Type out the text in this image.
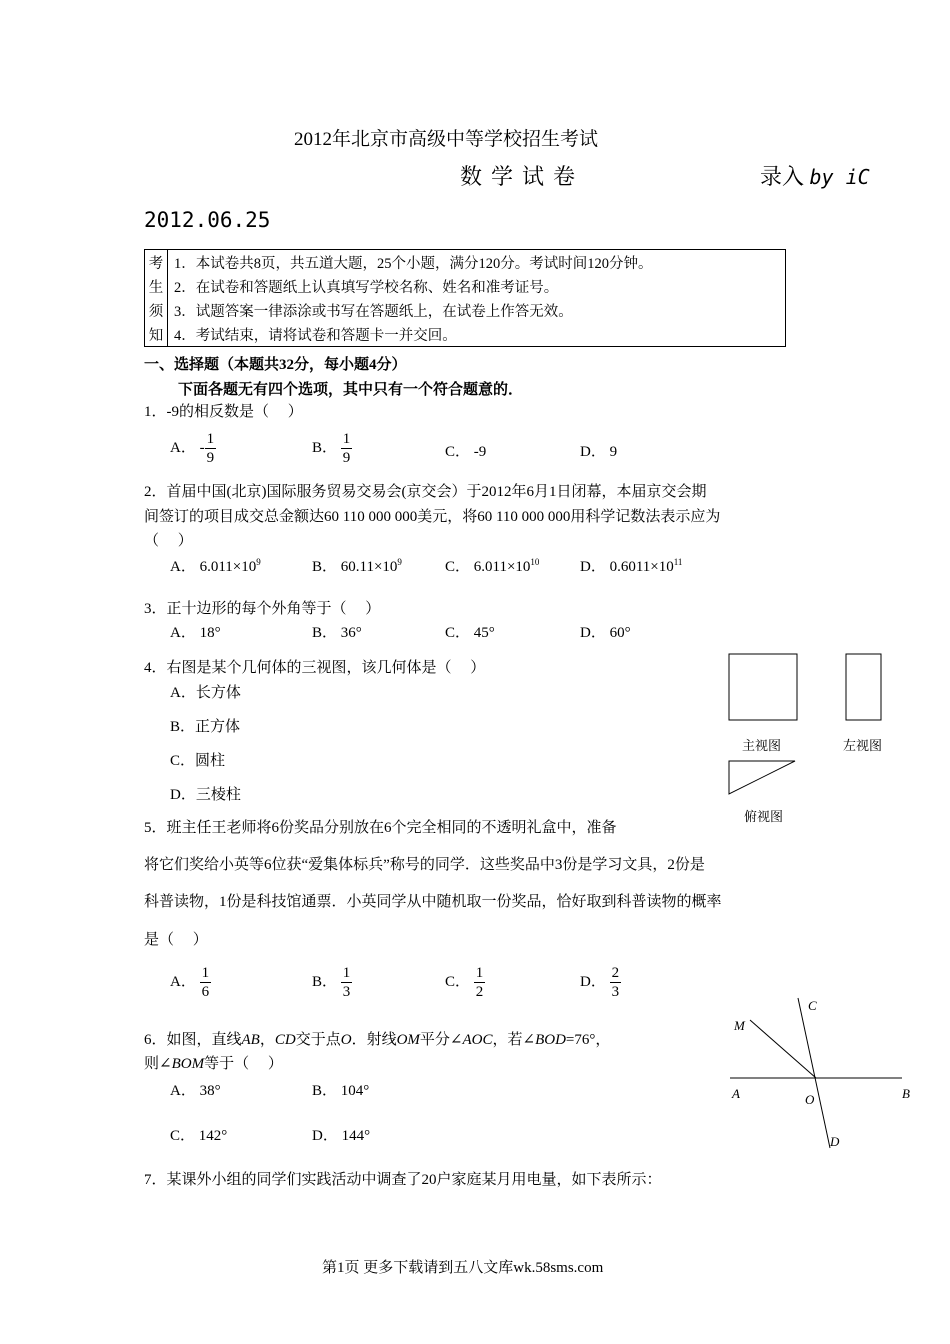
2012年北京市高级中等学校招生考试
数学试卷	录入 by iC
2012.06.25
考	1．本试卷共8页，共五道大题，25个小题，满分120分。考试时间120分钟。
生	2．在试卷和答题纸上认真填写学校名称、姓名和准考证号。
须	3．试题答案一律添涂或书写在答题纸上，在试卷上作答无效。
知	4．考试结束，请将试卷和答题卡一并交回。
一、选择题（本题共32分，每小题4分）
下面各题无有四个选项，其中只有一个符合题意的．
1．-9的相反数是（　 ）
A． - $\frac{1}{9}$	B． $\frac{1}{9}$	C． -9	D． 9
2．首届中国(北京)国际服务贸易交易会(京交会）于2012年6月1日闭幕，本届京交会期
间签订的项目成交总金额达60 110 000 000美元，将60 110 000 000用科学记数法表示应为
（　 ）
A． $6.011\times 10^9$	B． $60.11\times 10^9$	C． $6.011\times 10^{10}$	D． $0.6011\times 10^{11}$
3．正十边形的每个外角等于（　 ）
A． 18°	B． 36°	C． 45°	D． 60°
4．右图是某个几何体的三视图，该几何体是（　 ）
A．长方体
B．正方体
C．圆柱
D．三棱柱
主视图	左视图
俯视图
5．班主任王老师将6份奖品分别放在6个完全相同的不透明礼盒中，准备
将它们奖给小英等6位获“爱集体标兵”称号的同学．这些奖品中3份是学习文具，2份是
科普读物，1份是科技馆通票．小英同学从中随机取一份奖品，恰好取到科普读物的概率
是（　 ）
A． $\frac{1}{6}$	B． $\frac{1}{3}$	C． $\frac{1}{2}$	D． $\frac{2}{3}$
6．如图，直线AB，CD交于点O．射线OM平分∠AOC，若∠BOD=76°，
则∠BOM等于（　 ）
A． 38°	B． 104°
C． 142°	D． 144°
A	B
C
D
M
O
7．某课外小组的同学们实践活动中调查了20户家庭某月用电量，如下表所示：
第1页 更多下载请到五八文库wk.58sms.com
